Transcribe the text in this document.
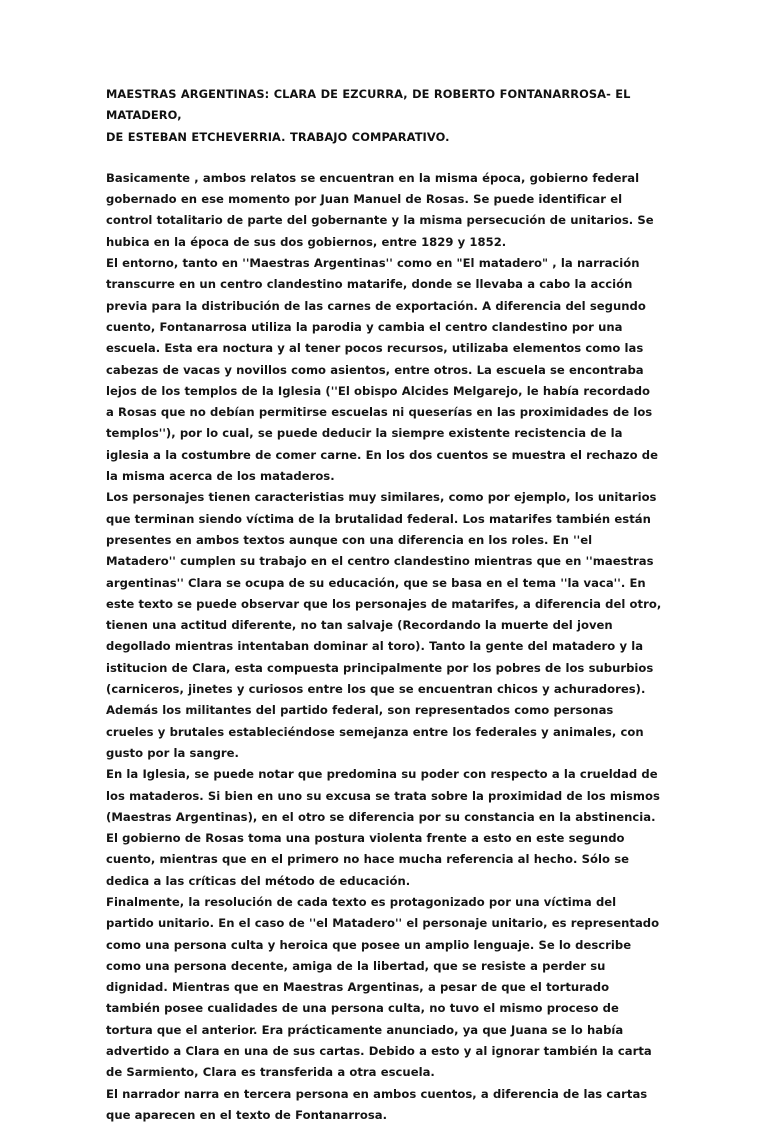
MAESTRAS ARGENTINAS: CLARA DE EZCURRA, DE ROBERTO FONTANARROSA- EL MATADERO,
DE ESTEBAN ETCHEVERRIA. TRABAJO COMPARATIVO.

Basicamente , ambos relatos se encuentran en la misma época, gobierno federal gobernado en ese momento por Juan Manuel de Rosas. Se puede identificar el control totalitario de parte del gobernante y la misma persecución de unitarios. Se hubica en la época de sus dos gobiernos, entre 1829 y 1852.

El entorno, tanto en ''Maestras Argentinas'' como en "El matadero" , la narración transcurre en un centro clandestino matarife, donde se llevaba a cabo la acción previa para la distribución de las carnes de exportación. A diferencia del segundo cuento, Fontanarrosa utiliza la parodia y cambia el centro clandestino por una escuela. Esta era noctura y al tener pocos recursos, utilizaba elementos como las cabezas de vacas y novillos como asientos, entre otros. La escuela se encontraba lejos de los templos de la Iglesia (''El obispo Alcides Melgarejo, le había recordado a Rosas que no debían permitirse escuelas ni queserías en las proximidades de los templos''), por lo cual, se puede deducir la siempre existente recistencia de la iglesia a la costumbre de comer carne. En los dos cuentos se muestra el rechazo de la misma acerca de los mataderos.

Los personajes tienen caracteristias muy similares, como por ejemplo, los unitarios que terminan siendo víctima de la brutalidad federal. Los matarifes también están presentes en ambos textos aunque con una diferencia en los roles. En ''el Matadero'' cumplen su trabajo en el centro clandestino mientras que en ''maestras argentinas'' Clara se ocupa de su educación, que se basa en el tema ''la vaca''. En este texto se puede observar que los personajes de matarifes, a diferencia del otro, tienen una actitud diferente, no tan salvaje (Recordando la muerte del joven degollado mientras intentaban dominar al toro). Tanto la gente del matadero y la istitucion de Clara, esta compuesta principalmente por los pobres de los suburbios (carniceros, jinetes y curiosos entre los que se encuentran chicos y achuradores). Además los militantes del partido federal, son representados como personas crueles y brutales estableciéndose semejanza entre los federales y animales, con gusto por la sangre.

En la Iglesia, se puede notar que predomina su poder con respecto a la crueldad de los mataderos. Si bien en uno su excusa se trata sobre la proximidad de los mismos (Maestras Argentinas), en el otro se diferencia por su constancia en la abstinencia. El gobierno de Rosas toma una postura violenta frente a esto en este segundo cuento, mientras que en el primero no hace mucha referencia al hecho. Sólo se dedica a las críticas del método de educación.

Finalmente, la resolución de cada texto es protagonizado por una víctima del partido unitario. En el caso de ''el Matadero'' el personaje unitario, es representado como una persona culta y heroica que posee un amplio lenguaje. Se lo describe como una persona decente, amiga de la libertad, que se resiste a perder su dignidad. Mientras que en Maestras Argentinas, a pesar de que el torturado también posee cualidades de una persona culta, no tuvo el mismo proceso de tortura que el anterior. Era prácticamente anunciado, ya que Juana se lo había advertido a Clara en una de sus cartas. Debido a esto y al ignorar también la carta de Sarmiento, Clara es transferida a otra escuela.

El narrador narra en tercera persona en ambos cuentos, a diferencia de las cartas que aparecen en el texto de Fontanarrosa.
